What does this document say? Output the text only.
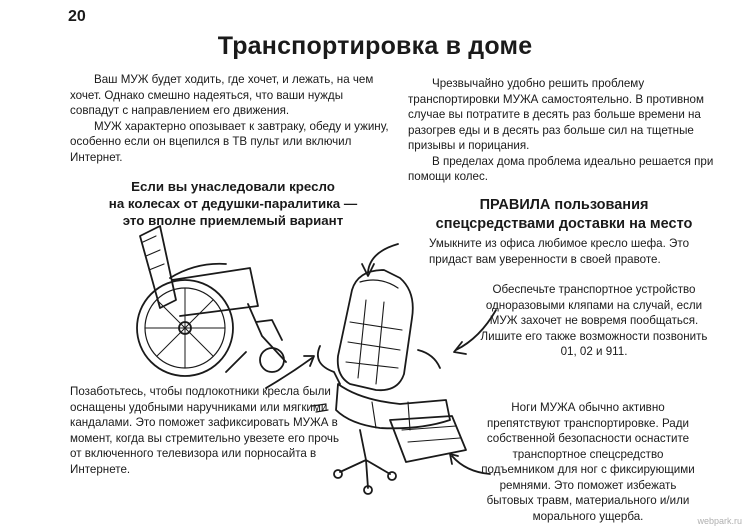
20
Транспортировка в доме

Ваш МУЖ будет ходить, где хочет, и лежать, на чем хочет. Однако смешно надеяться, что ваши нужды совпадут с направлением его движения.

МУЖ характерно опозывает к завтраку, обеду и ужину, особенно если он вцепился в ТВ пульт или включил Интернет.

Чрезвычайно удобно решить проблему транспортировки МУЖА самостоятельно. В противном случае вы потратите в десять раз больше времени на разогрев еды и в десять раз больше сил на тщетные призывы и порицания.

В пределах дома проблема идеально решается при помощи колес.

Если вы унаследовали кресло
на колесах от дедушки-паралитика —
это вполне приемлемый вариант
ПРАВИЛА пользования
спецсредствами доставки на место
Умыкните из офиса любимое кресло шефа. Это придаст вам уверенности в своей правоте.
Обеспечьте транспортное устройство одноразовыми кляпами на случай, если МУЖ захочет не вовремя пообщаться. Лишите его также возможности позвонить 01, 02 и 911.
Ноги МУЖА обычно активно препятствуют транспортировке. Ради собственной безопасности оснастите транспортное спецсредство подъемником для ног с фиксирующими ремнями. Это поможет избежать бытовых травм, материального и/или морального ущерба.
Позаботьтесь, чтобы подлокотники кресла были оснащены удобными наручниками или мягкими кандалами. Это поможет зафиксировать МУЖА в момент, когда вы стремительно увезете его прочь от включенного телевизора или порносайта в Интернете.
webpark.ru
